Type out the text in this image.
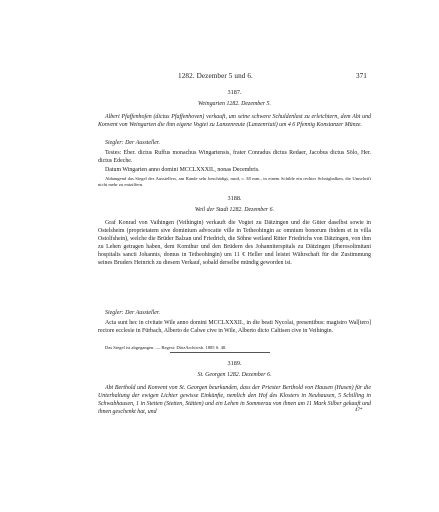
1282. Dezember 5 und 6.	371
3187.
Weingarten 1282. Dezember 5.
Albert Pfaffenhofen (dictus Pfaffenhoven) verkauft, um seine schwere Schuldenlast zu erleichtern, dem Abt und Konvent von Weingarten die ihm eigene Vogtei zu Lanzenreute (Lanzenriuti) um 4 6 Pfennig Konstanzer Münze.
Siegler: Der Aussteller.
Testes: Eber. dictus Ruffus monachus Wingartensis, frater Conradus dictus Redaer, Jacobus dictus Sölo, Her. dictus Edeche.
Datum Wingarten anno domini MCCLXXXII., nonas Decembris.
Abhangend das Siegel des Ausstellers, am Rande sehr beschädigt, rund, c. 38 mm., in einem Schilde ein rechter Schrägbalken, die Umschrift nicht mehr zu entziffern.
3188.
Weil der Stadt 1282. Dezember 6.
Graf Konrad von Vaihingen (Veihingin) verkauft die Vogtei zu Dätzingen und die Güter daselbst sowie in Ostelsheim (proprietatem sive dominium advocatie ville in Tetheohingin ac omnium bonorum ibidem et in villa Ostolfshein), welche die Brüder Balzan und Friedrich, die Söhne weiland Ritter Friedrichs von Dätzingen, von ihm zu Lehen getragen haben, dem Komthur und den Brüdern des Johanniterspitals zu Dätzingen (Jherosolimitani hospitalis sancti Johannis, domus in Tetheohingin) um 11 € Heller und leistet Währschaft für die Zustimmung seines Bruders Heinrich zu diesem Verkauf, sobald derselbe mündig geworden ist.
Siegler: Der Aussteller.
Acta sunt hec in civitate Wile anno domini MCCLXXXII., in die beati Nycolai, presentibus: magistro Wal[tero] rectore ecclesie in Fürbach, Alberto de Calwe cive in Wile, Alberto dicto Caltisen cive in Veihingin.
Das Siegel ist abgegangen. — Regest: DiözArchiwsb. 1885 S. 48.
3189.
St. Georgen 1282. Dezember 6.
Abt Berthold und Konvent von St. Georgen beurkunden, dass der Priester Berthold von Hausen (Husen) für die Unterhaltung der ewigen Lichter gewisse Einkünfte, nemlich den Hof des Klosters in Neuhausen, 5 Schilling in Schwabhausen, 1 in Stetten (Stetten, Stätten) und ein Lehen in Sommerau von ihnen um 11 Mark Silber gekauft und ihnen geschenkt hat, und	47*
